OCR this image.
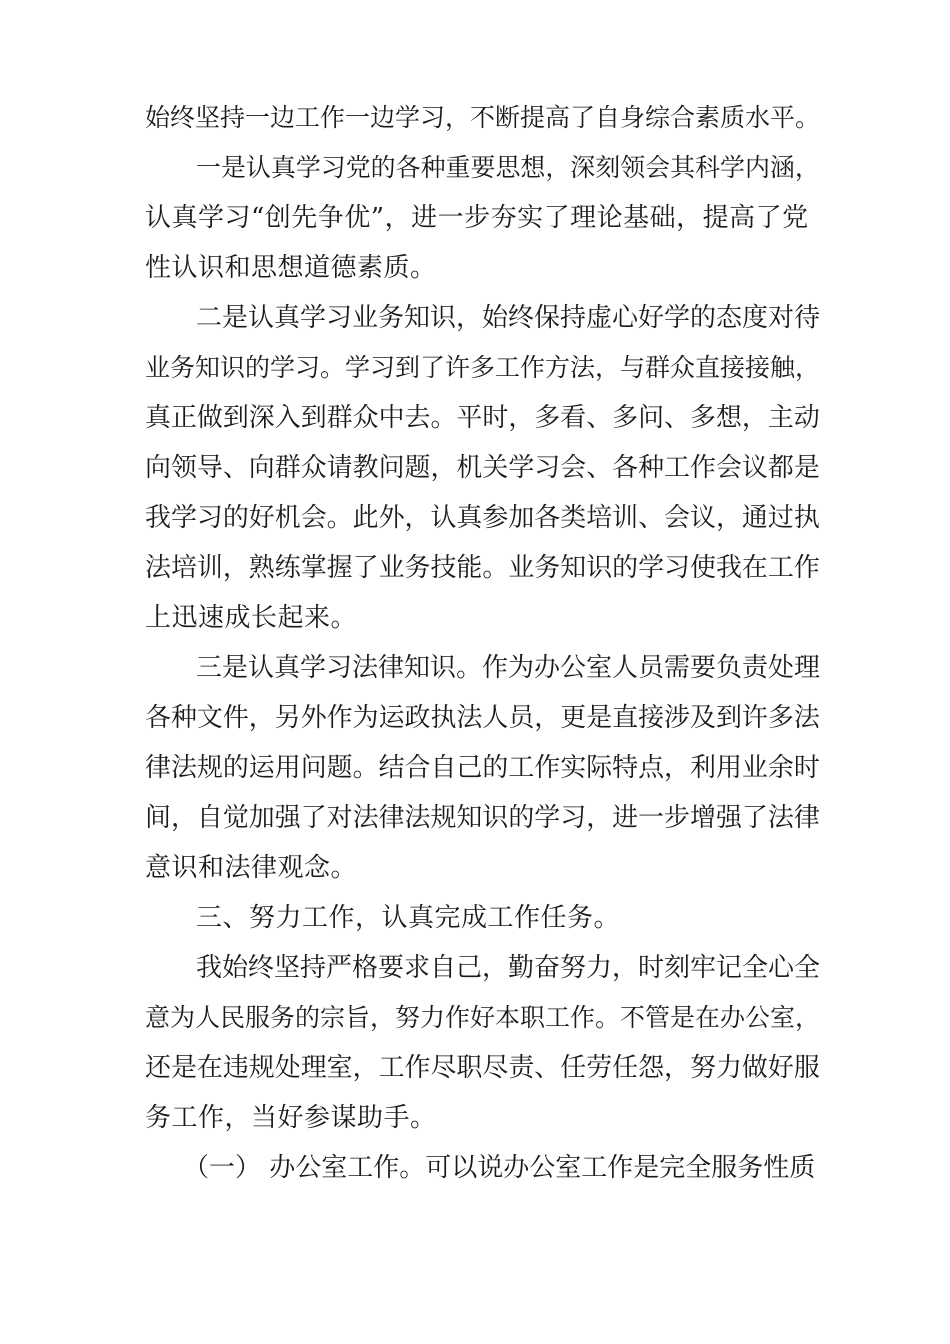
始终坚持一边工作一边学习，不断提高了自身综合素质水平。
一是认真学习党的各种重要思想，深刻领会其科学内涵，
认真学习“创先争优”，进一步夯实了理论基础，提高了党
性认识和思想道德素质。
二是认真学习业务知识，始终保持虚心好学的态度对待
业务知识的学习。学习到了许多工作方法，与群众直接接触，
真正做到深入到群众中去。平时，多看、多问、多想，主动
向领导、向群众请教问题，机关学习会、各种工作会议都是
我学习的好机会。此外，认真参加各类培训、会议，通过执
法培训，熟练掌握了业务技能。业务知识的学习使我在工作
上迅速成长起来。
三是认真学习法律知识。作为办公室人员需要负责处理
各种文件，另外作为运政执法人员，更是直接涉及到许多法
律法规的运用问题。结合自己的工作实际特点，利用业余时
间，自觉加强了对法律法规知识的学习，进一步增强了法律
意识和法律观念。
三、努力工作，认真完成工作任务。
我始终坚持严格要求自己，勤奋努力，时刻牢记全心全
意为人民服务的宗旨，努力作好本职工作。不管是在办公室，
还是在违规处理室，工作尽职尽责、任劳任怨，努力做好服
务工作，当好参谋助手。
（一） 办公室工作。可以说办公室工作是完全服务性质
